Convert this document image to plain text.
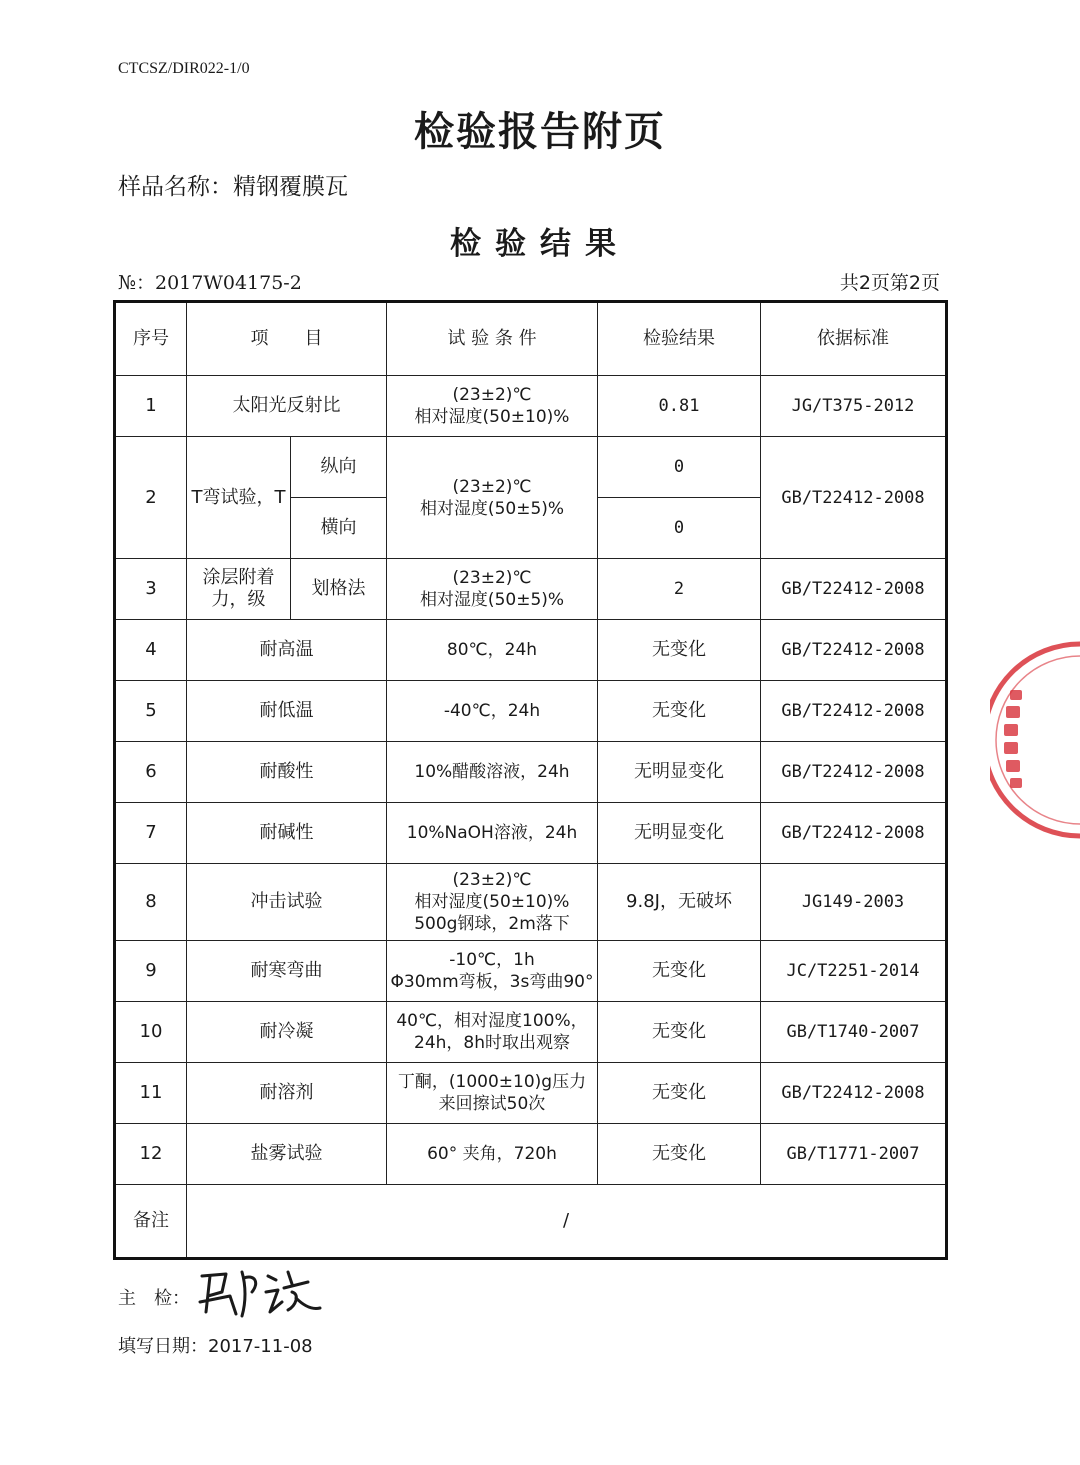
CTCSZ/DIR022-1/0
检验报告附页
样品名称：精钢覆膜瓦
检验结果
№：2017W04175-2	共2页第2页
序号	项　　目		试 验 条 件	检验结果	依据标准
1	太阳光反射比		(23±2)℃
相对湿度(50±10)%	0.81	JG/T375-2012
2	T弯试验，T	纵向	(23±2)℃
相对湿度(50±5)%	0	GB/T22412-2008
		横向		0	
3	涂层附着力，级	划格法	(23±2)℃
相对湿度(50±5)%	2	GB/T22412-2008
4	耐高温		80℃，24h	无变化	GB/T22412-2008
5	耐低温		-40℃，24h	无变化	GB/T22412-2008
6	耐酸性		10%醋酸溶液，24h	无明显变化	GB/T22412-2008
7	耐碱性		10%NaOH溶液，24h	无明显变化	GB/T22412-2008
8	冲击试验		(23±2)℃
相对湿度(50±10)%
500g钢球，2m落下	9.8J，无破坏	JG149-2003
9	耐寒弯曲		-10℃，1h
Φ30mm弯板，3s弯曲90°	无变化	JC/T2251-2014
10	耐冷凝		40℃，相对湿度100%，
24h，8h时取出观察	无变化	GB/T1740-2007
11	耐溶剂		丁酮，(1000±10)g压力
来回擦试50次	无变化	GB/T22412-2008
12	盐雾试验		60° 夹角，720h	无变化	GB/T1771-2007
备注	/				
主　检：
填写日期：2017-11-08
